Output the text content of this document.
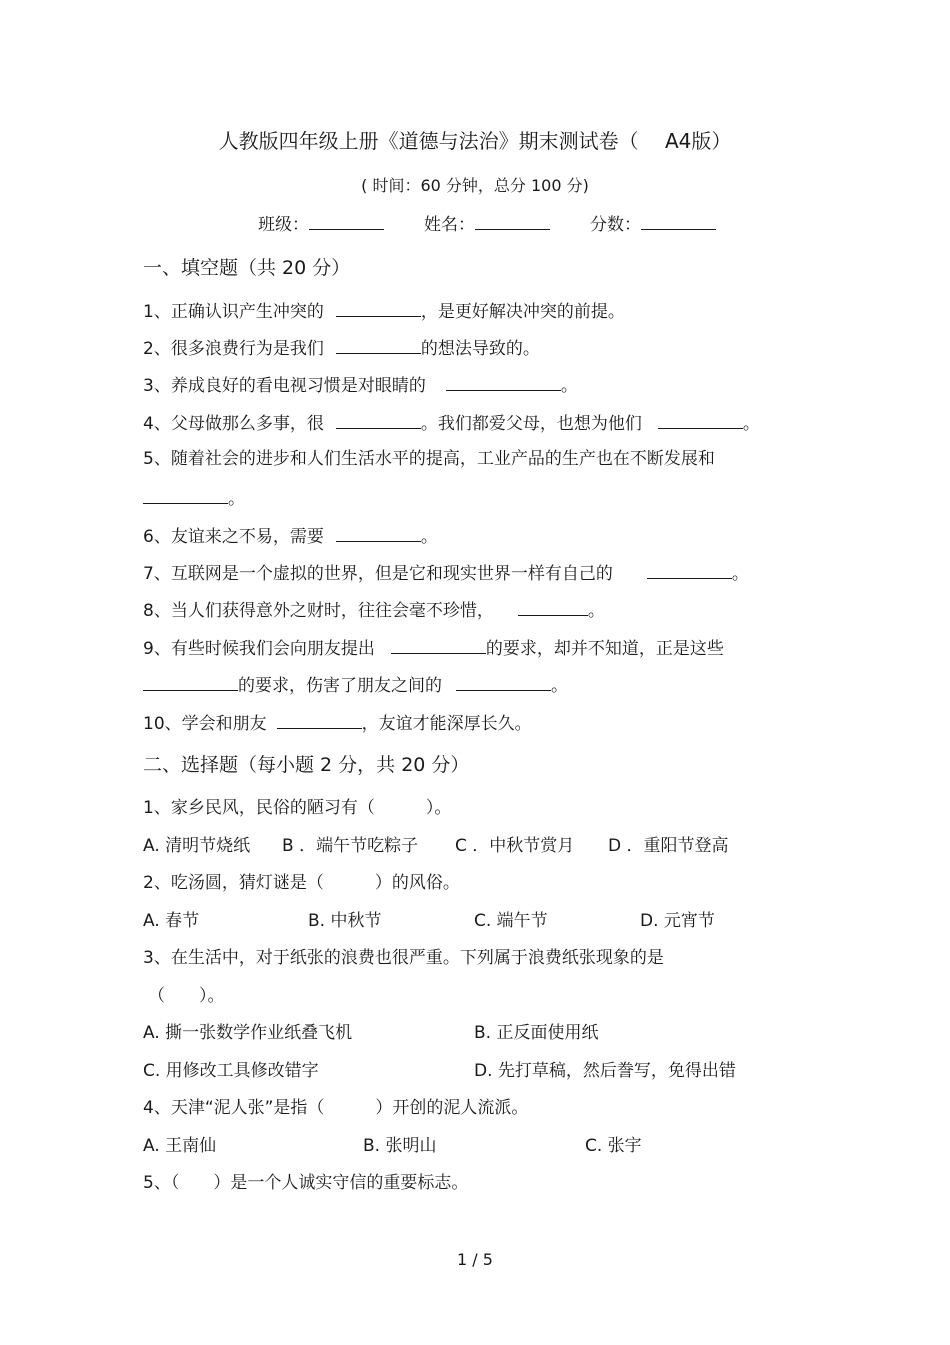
人教版四年级上册《道德与法治》期末测试卷（　 A4版）
( 时间：60 分钟，总分 100 分)
班级：	姓名：	分数：
一、填空题（共 20 分）
1、正确认识产生冲突的	，是更好解决冲突的前提。
2、很多浪费行为是我们	的想法导致的。
3、养成良好的看电视习惯是对眼睛的	。
4、父母做那么多事，很	。我们都爱父母，也想为他们	。
5、随着社会的进步和人们生活水平的提高，工业产品的生产也在不断发展和
。
6、友谊来之不易，需要	。
7、互联网是一个虚拟的世界，但是它和现实世界一样有自己的	。
8、当人们获得意外之财时，往往会毫不珍惜，	。
9、有些时候我们会向朋友提出	的要求，却并不知道，正是这些
的要求，伤害了朋友之间的	。
10、学会和朋友	，友谊才能深厚长久。
二、选择题（每小题 2 分，共 20 分）
1、家乡民风，民俗的陋习有（　　　）。
A. 清明节烧纸 B ．端午节吃粽子 C ．中秋节赏月 D ．重阳节登高
2、吃汤圆，猜灯谜是（　　　）的风俗。
A. 春节	B. 中秋节	C. 端午节	D. 元宵节
3、在生活中，对于纸张的浪费也很严重。下列属于浪费纸张现象的是
（　　）。
A. 撕一张数学作业纸叠飞机	B. 正反面使用纸
C. 用修改工具修改错字	D. 先打草稿，然后誊写，免得出错
4、天津“泥人张”是指（　　　）开创的泥人流派。
A. 王南仙	B. 张明山	C. 张宇
5、（　　）是一个人诚实守信的重要标志。
1 / 5
